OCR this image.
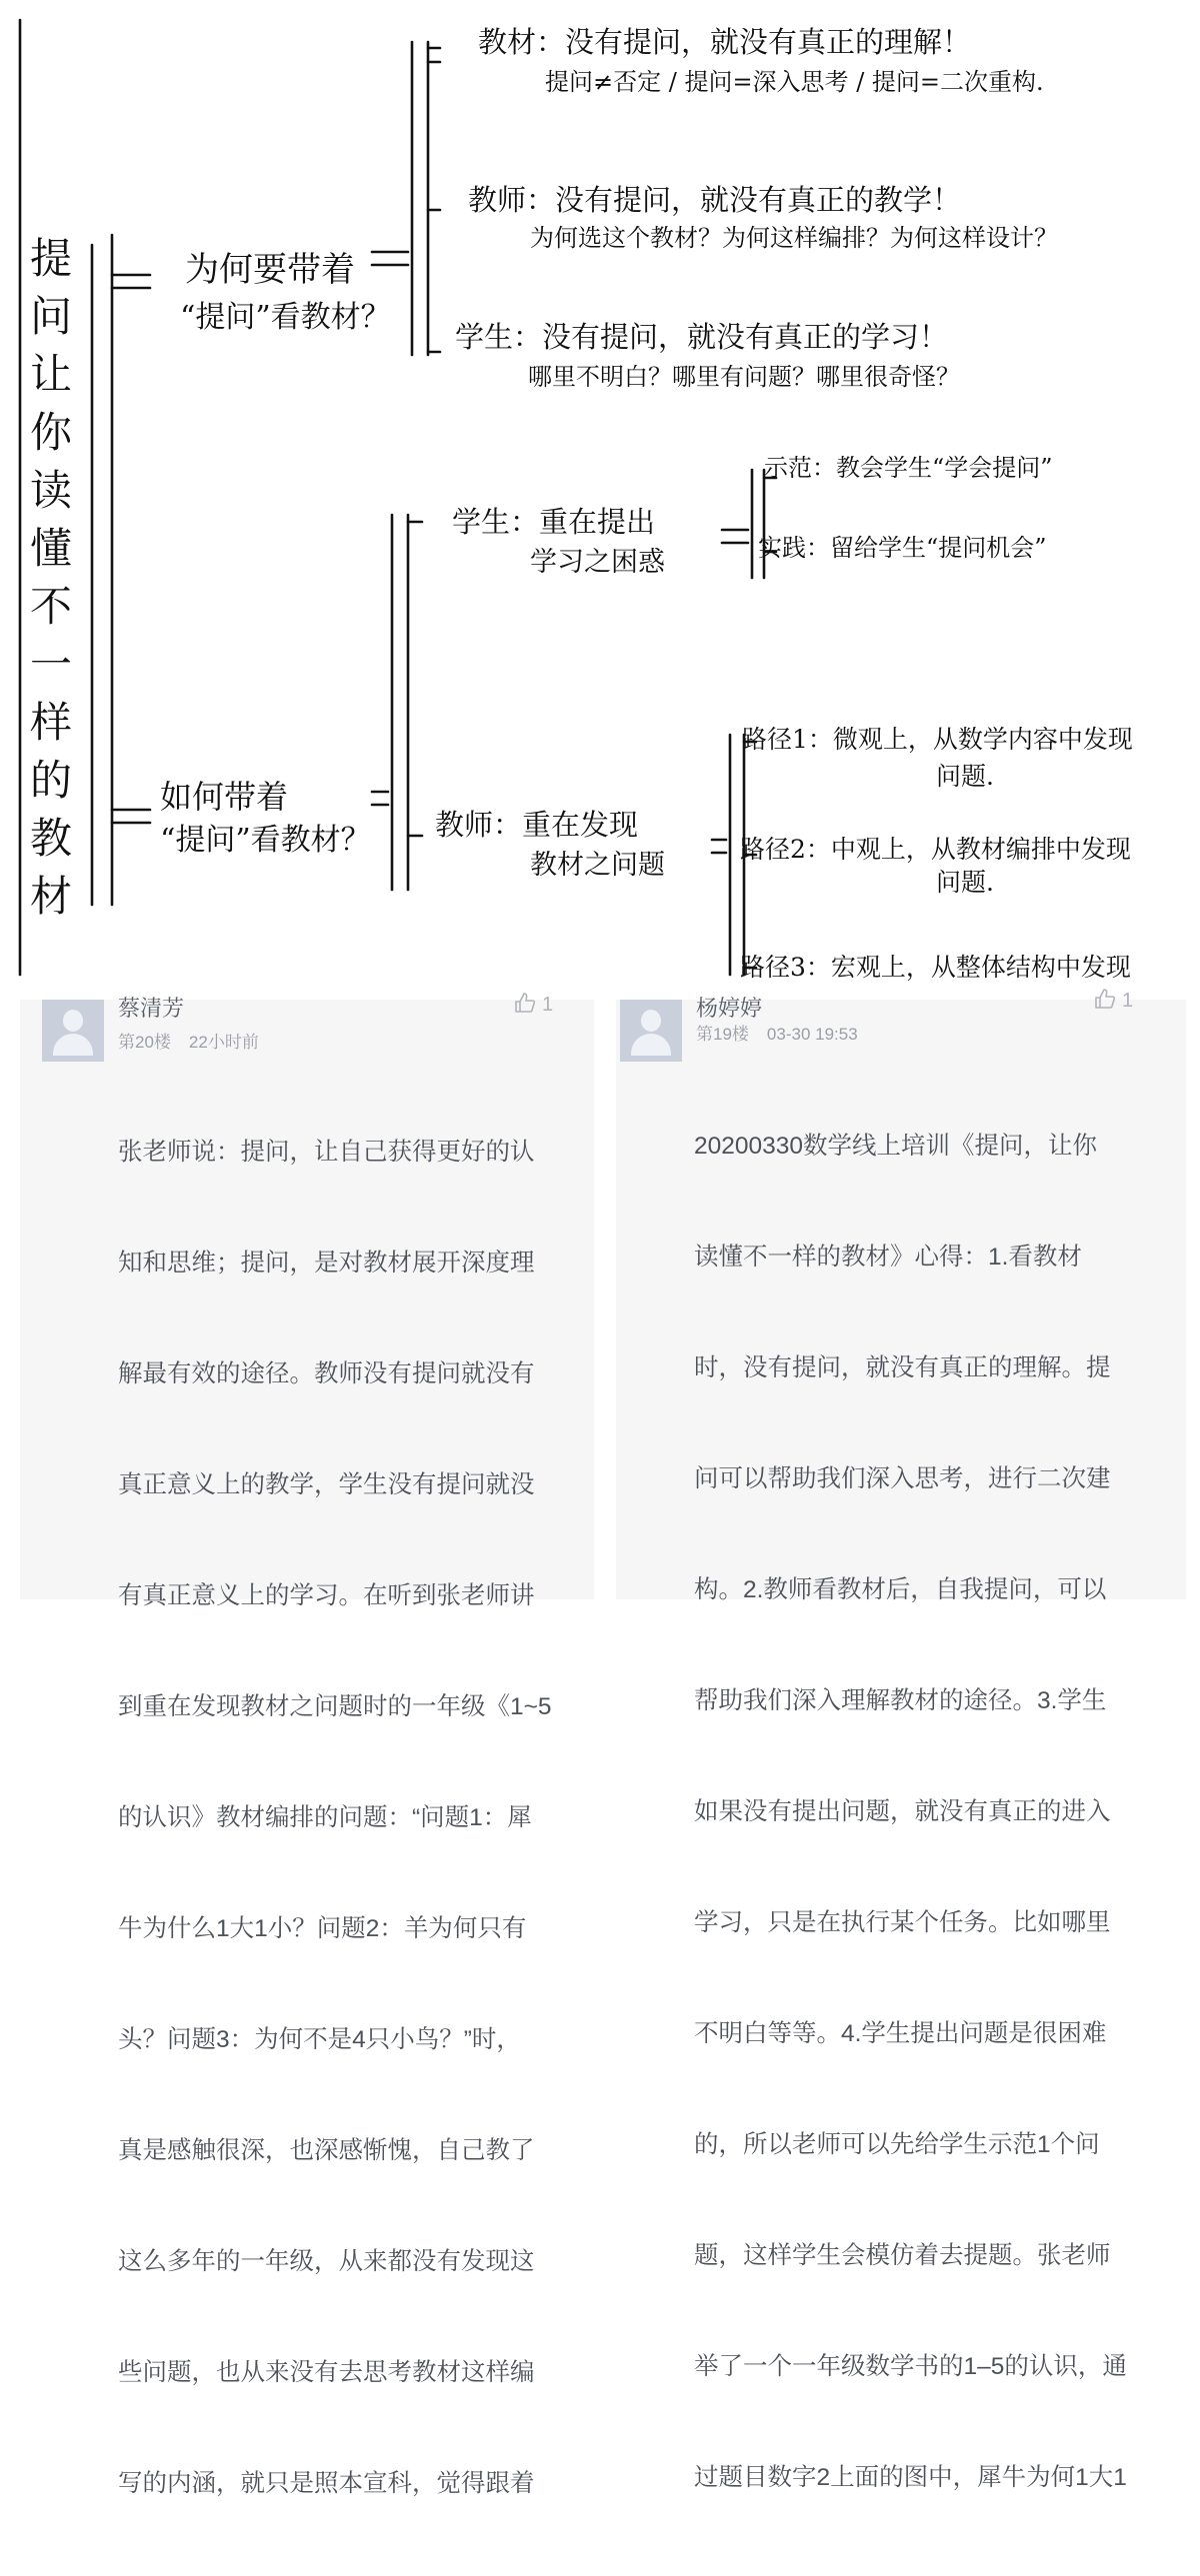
提
问
让
你
读
懂
不
一
样
的
教
材
为何要带着
“提问”看教材？
教材：没有提问，就没有真正的理解！
提问≠否定 / 提问=深入思考 / 提问=二次重构.
教师：没有提问，就没有真正的教学！
为何选这个教材？为何这样编排？为何这样设计？
学生：没有提问，就没有真正的学习！
哪里不明白？哪里有问题？哪里很奇怪？
如何带着
“提问”看教材？
学生：重在提出
学习之困惑
示范：教会学生“学会提问”
实践：留给学生“提问机会”
教师：重在发现
教材之问题
路径1：微观上，从数学内容中发现
问题.
路径2：中观上，从教材编排中发现
问题.
路径3：宏观上，从整体结构中发现
蔡清芳
第20楼 22小时前
1

张老师说：提问，让自己获得更好的认

知和思维；提问，是对教材展开深度理

解最有效的途径。教师没有提问就没有

真正意义上的教学，学生没有提问就没

有真正意义上的学习。在听到张老师讲

到重在发现教材之问题时的一年级《1~5

的认识》教材编排的问题：“问题1：犀

牛为什么1大1小？问题2：羊为何只有

头？问题3：为何不是4只小鸟？”时，

真是感触很深，也深感惭愧，自己教了

这么多年的一年级，从来都没有发现这

些问题，也从来没有去思考教材这样编

写的内涵，就只是照本宣科，觉得跟着

杨婷婷
第19楼 03-30 19:53
1

20200330数学线上培训《提问，让你

读懂不一样的教材》心得：1.看教材

时，没有提问，就没有真正的理解。提

问可以帮助我们深入思考，进行二次建

构。2.教师看教材后，自我提问，可以

帮助我们深入理解教材的途径。3.学生

如果没有提出问题，就没有真正的进入

学习，只是在执行某个任务。比如哪里

不明白等等。4.学生提出问题是很困难

的，所以老师可以先给学生示范1个问

题，这样学生会模仿着去提题。张老师

举了一个一年级数学书的1–5的认识，通

过题目数字2上面的图中，犀牛为何1大1
